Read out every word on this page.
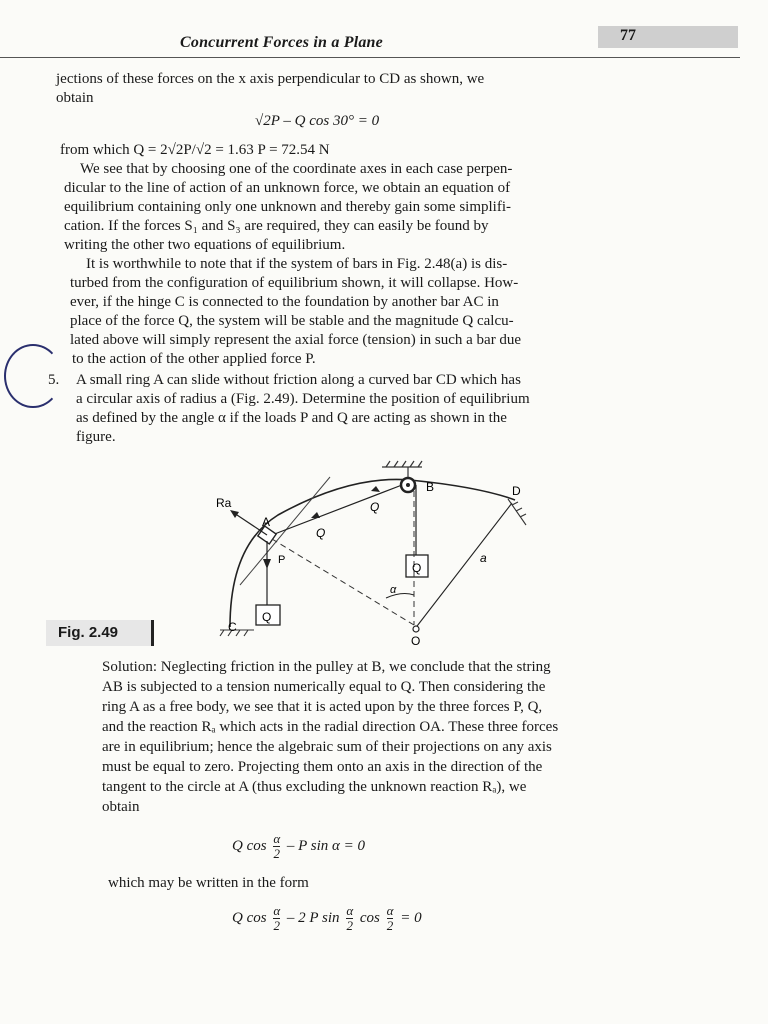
Concurrent Forces in a Plane	77
jections of these forces on the x axis perpendicular to CD as shown, we
obtain
√2P – Q cos 30° = 0
from which Q = 2√2P/√2 = 1.63 P = 72.54 N
We see that by choosing one of the coordinate axes in each case perpen-
dicular to the line of action of an unknown force, we obtain an equation of
equilibrium containing only one unknown and thereby gain some simplifi-
cation. If the forces S₁ and S₃ are required, they can easily be found by
writing the other two equations of equilibrium.
It is worthwhile to note that if the system of bars in Fig. 2.48(a) is dis-
turbed from the configuration of equilibrium shown, it will collapse. How-
ever, if the hinge C is connected to the foundation by another bar AC in
place of the force Q, the system will be stable and the magnitude Q calcu-
lated above will simply represent the axial force (tension) in such a bar due
to the action of the other applied force P.
5. A small ring A can slide without friction along a curved bar CD which has
a circular axis of radius a (Fig. 2.49). Determine the position of equilibrium
as defined by the angle α if the loads P and Q are acting as shown in the
figure.
Ra
A
B
C
D
P
Q
Q
Q
Q
a
O
α
Fig. 2.49
Solution: Neglecting friction in the pulley at B, we conclude that the string
AB is subjected to a tension numerically equal to Q. Then considering the
ring A as a free body, we see that it is acted upon by the three forces P, Q,
and the reaction Rₐ which acts in the radial direction OA. These three forces
are in equilibrium; hence the algebraic sum of their projections on any axis
must be equal to zero. Projecting them onto an axis in the direction of the
tangent to the circle at A (thus excluding the unknown reaction Rₐ), we
obtain
Q $\cos \frac{\alpha}{2}$ – P sin α = 0
which may be written in the form
Q $\cos \frac{\alpha}{2} - 2$ P $\sin \frac{\alpha}{2}$ $\cos \frac{\alpha}{2} = 0$
